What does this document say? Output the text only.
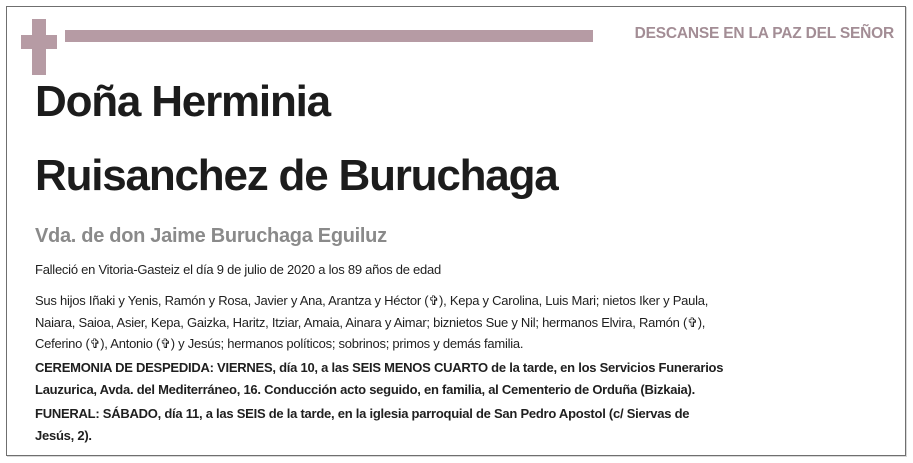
DESCANSE EN LA PAZ DEL SEÑOR
Doña Herminia
Ruisanchez de Buruchaga
Vda. de don Jaime Buruchaga Eguiluz
Falleció en Vitoria-Gasteiz el día 9 de julio de 2020 a los 89 años de edad
Sus hijos Iñaki y Yenis, Ramón y Rosa, Javier y Ana, Arantza y Héctor (✞), Kepa y Carolina, Luis Mari; nietos Iker y Paula,
Naiara, Saioa, Asier, Kepa, Gaizka, Haritz, Itziar, Amaia, Ainara y Aimar; biznietos Sue y Nil; hermanos Elvira, Ramón (✞),
Ceferino (✞), Antonio (✞) y Jesús; hermanos políticos; sobrinos; primos y demás familia.
CEREMONIA DE DESPEDIDA: VIERNES, día 10, a las SEIS MENOS CUARTO de la tarde, en los Servicios Funerarios
Lauzurica, Avda. del Mediterráneo, 16. Conducción acto seguido, en familia, al Cementerio de Orduña (Bizkaia).
FUNERAL: SÁBADO, día 11, a las SEIS de la tarde, en la iglesia parroquial de San Pedro Apostol (c/ Siervas de
Jesús, 2).
